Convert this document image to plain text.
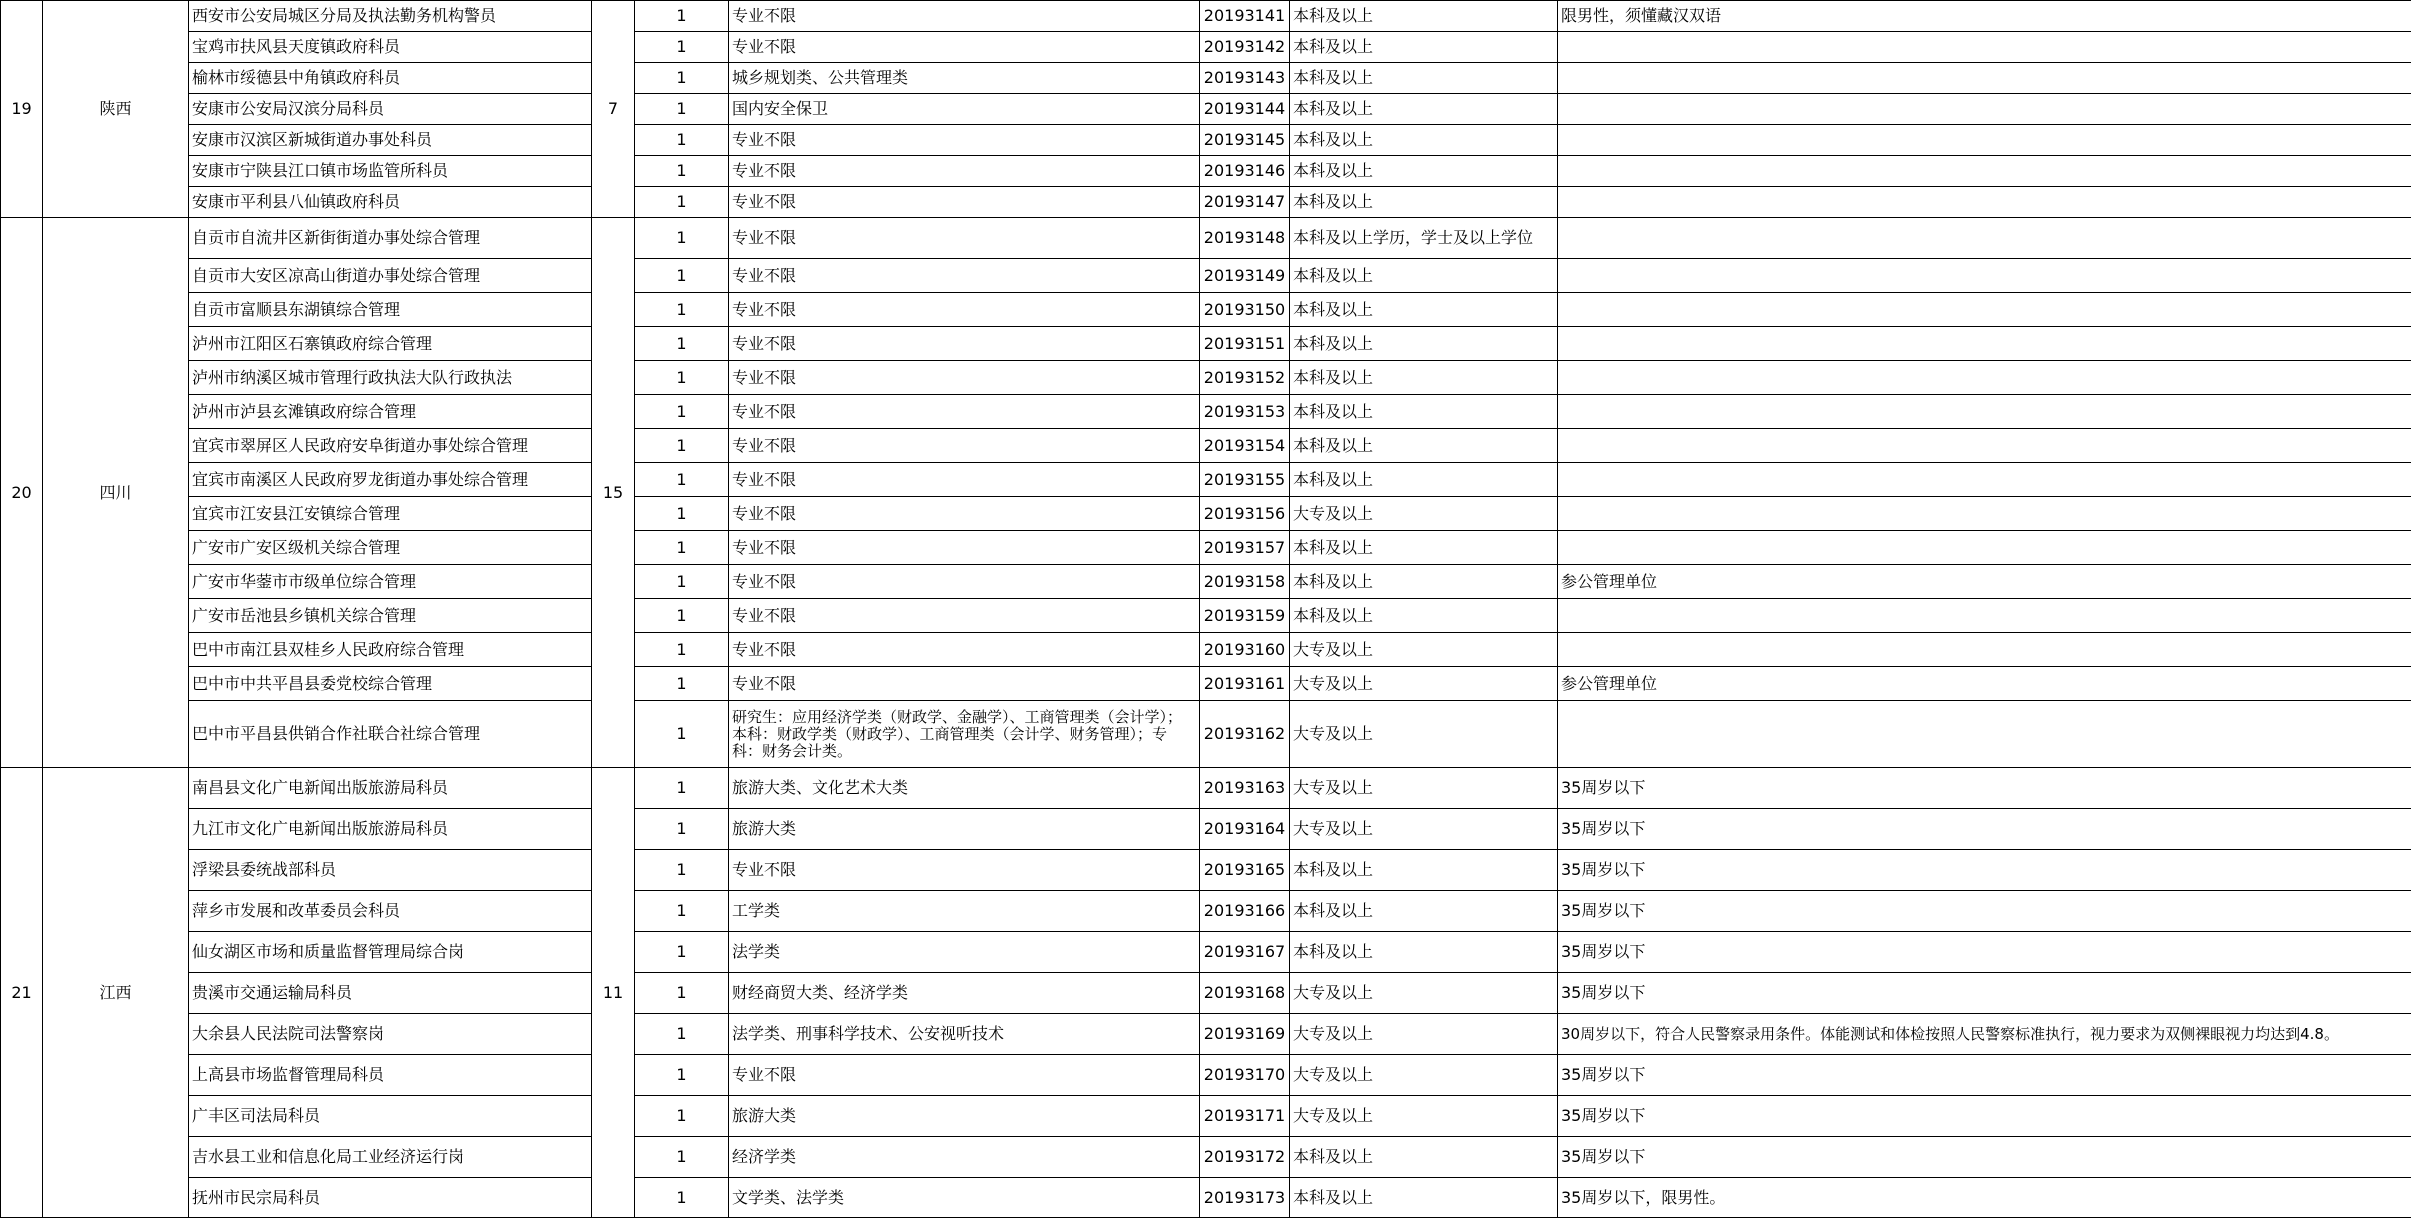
19	陕西	西安市公安局城区分局及执法勤务机构警员	7	1	专业不限	20193141	本科及以上	限男性，须懂藏汉双语
		宝鸡市扶风县天度镇政府科员		1	专业不限	20193142	本科及以上	
		榆林市绥德县中角镇政府科员		1	城乡规划类、公共管理类	20193143	本科及以上	
		安康市公安局汉滨分局科员		1	国内安全保卫	20193144	本科及以上	
		安康市汉滨区新城街道办事处科员		1	专业不限	20193145	本科及以上	
		安康市宁陕县江口镇市场监管所科员		1	专业不限	20193146	本科及以上	
		安康市平利县八仙镇政府科员		1	专业不限	20193147	本科及以上	
20	四川	自贡市自流井区新街街道办事处综合管理	15	1	专业不限	20193148	本科及以上学历，学士及以上学位	
		自贡市大安区凉高山街道办事处综合管理		1	专业不限	20193149	本科及以上	
		自贡市富顺县东湖镇综合管理		1	专业不限	20193150	本科及以上	
		泸州市江阳区石寨镇政府综合管理		1	专业不限	20193151	本科及以上	
		泸州市纳溪区城市管理行政执法大队行政执法		1	专业不限	20193152	本科及以上	
		泸州市泸县玄滩镇政府综合管理		1	专业不限	20193153	本科及以上	
		宜宾市翠屏区人民政府安阜街道办事处综合管理		1	专业不限	20193154	本科及以上	
		宜宾市南溪区人民政府罗龙街道办事处综合管理		1	专业不限	20193155	本科及以上	
		宜宾市江安县江安镇综合管理		1	专业不限	20193156	大专及以上	
		广安市广安区级机关综合管理		1	专业不限	20193157	本科及以上	
		广安市华蓥市市级单位综合管理		1	专业不限	20193158	本科及以上	参公管理单位
		广安市岳池县乡镇机关综合管理		1	专业不限	20193159	本科及以上	
		巴中市南江县双桂乡人民政府综合管理		1	专业不限	20193160	大专及以上	
		巴中市中共平昌县委党校综合管理		1	专业不限	20193161	大专及以上	参公管理单位
		巴中市平昌县供销合作社联合社综合管理		1	研究生：应用经济学类（财政学、金融学）、工商管理类（会计学）；本科：财政学类（财政学）、工商管理类（会计学、财务管理）；专科：财务会计类。	20193162	大专及以上	
21	江西	南昌县文化广电新闻出版旅游局科员	11	1	旅游大类、文化艺术大类	20193163	大专及以上	35周岁以下
		九江市文化广电新闻出版旅游局科员		1	旅游大类	20193164	大专及以上	35周岁以下
		浮梁县委统战部科员		1	专业不限	20193165	本科及以上	35周岁以下
		萍乡市发展和改革委员会科员		1	工学类	20193166	本科及以上	35周岁以下
		仙女湖区市场和质量监督管理局综合岗		1	法学类	20193167	本科及以上	35周岁以下
		贵溪市交通运输局科员		1	财经商贸大类、经济学类	20193168	大专及以上	35周岁以下
		大余县人民法院司法警察岗		1	法学类、刑事科学技术、公安视听技术	20193169	大专及以上	30周岁以下，符合人民警察录用条件。体能测试和体检按照人民警察标准执行，视力要求为双侧裸眼视力均达到4.8。
		上高县市场监督管理局科员		1	专业不限	20193170	大专及以上	35周岁以下
		广丰区司法局科员		1	旅游大类	20193171	大专及以上	35周岁以下
		吉水县工业和信息化局工业经济运行岗		1	经济学类	20193172	本科及以上	35周岁以下
		抚州市民宗局科员		1	文学类、法学类	20193173	本科及以上	35周岁以下，限男性。
